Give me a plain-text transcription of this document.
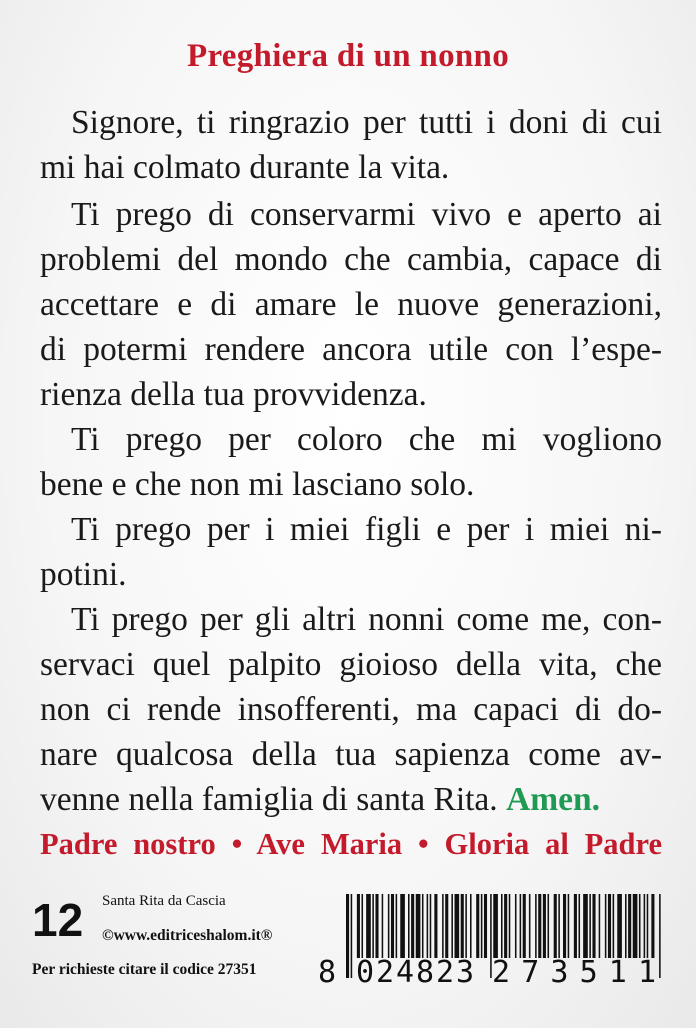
Preghiera di un nonno
Signore, ti ringrazio per tutti i doni di cui
mi hai colmato durante la vita.
Ti prego di conservarmi vivo e aperto ai
problemi del mondo che cambia, capace di
accettare e di amare le nuove generazioni,
di potermi rendere ancora utile con l’espe-
rienza della tua provvidenza.
Ti prego per coloro che mi vogliono
bene e che non mi lasciano solo.
Ti prego per i miei figli e per i miei ni-
potini.
Ti prego per gli altri nonni come me, con-
servaci quel palpito gioioso della vita, che
non ci rende insofferenti, ma capaci di do-
nare qualcosa della tua sapienza come av-
venne nella famiglia di santa Rita. Amen.
Padre nostro • Ave Maria • Gloria al Padre
12 Santa Rita da Cascia
©www.editriceshalom.it®
Per richieste citare il codice 27351 8 024823 273511
